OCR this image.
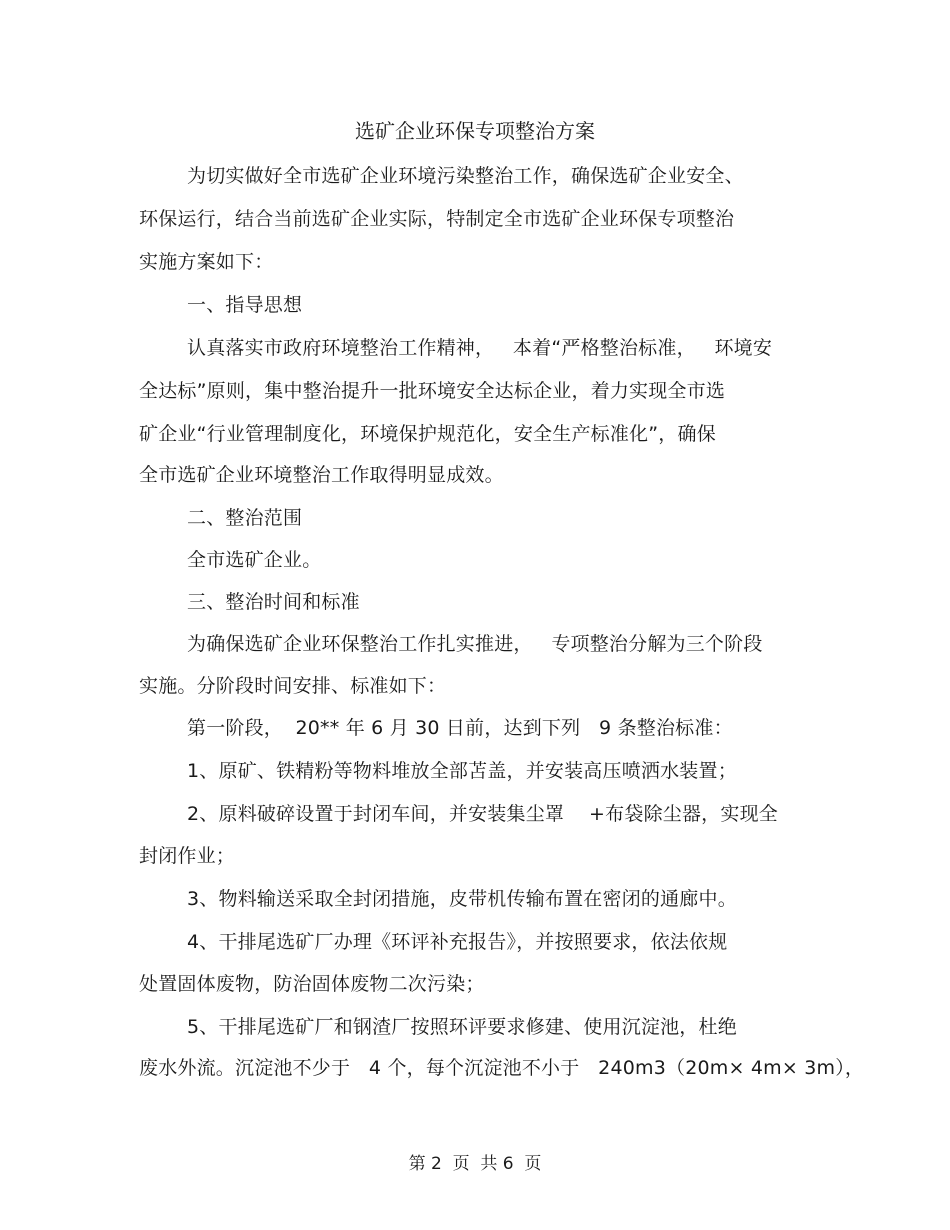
选矿企业环保专项整治方案
为切实做好全市选矿企业环境污染整治工作，确保选矿企业安全、
环保运行，结合当前选矿企业实际，特制定全市选矿企业环保专项整治
实施方案如下：
一、指导思想
认真落实市政府环境整治工作精神，   本着“严格整治标准，   环境安
全达标”原则，集中整治提升一批环境安全达标企业，着力实现全市选
矿企业“行业管理制度化，环境保护规范化，安全生产标准化”，确保
全市选矿企业环境整治工作取得明显成效。
二、整治范围
全市选矿企业。
三、整治时间和标准
为确保选矿企业环保整治工作扎实推进，   专项整治分解为三个阶段
实施。分阶段时间安排、标准如下：
第一阶段，  20** 年 6 月 30 日前，达到下列   9 条整治标准：
1、原矿、铁精粉等物料堆放全部苫盖，并安装高压喷洒水装置；
2、原料破碎设置于封闭车间，并安装集尘罩    +布袋除尘器，实现全
封闭作业；
3、物料输送采取全封闭措施，皮带机传输布置在密闭的通廊中。
4、干排尾选矿厂办理《环评补充报告》，并按照要求，依法依规
处置固体废物，防治固体废物二次污染；
5、干排尾选矿厂和钢渣厂按照环评要求修建、使用沉淀池，杜绝
废水外流。沉淀池不少于   4 个，每个沉淀池不小于   240m3（20m× 4m× 3m），
第 2  页  共 6  页
